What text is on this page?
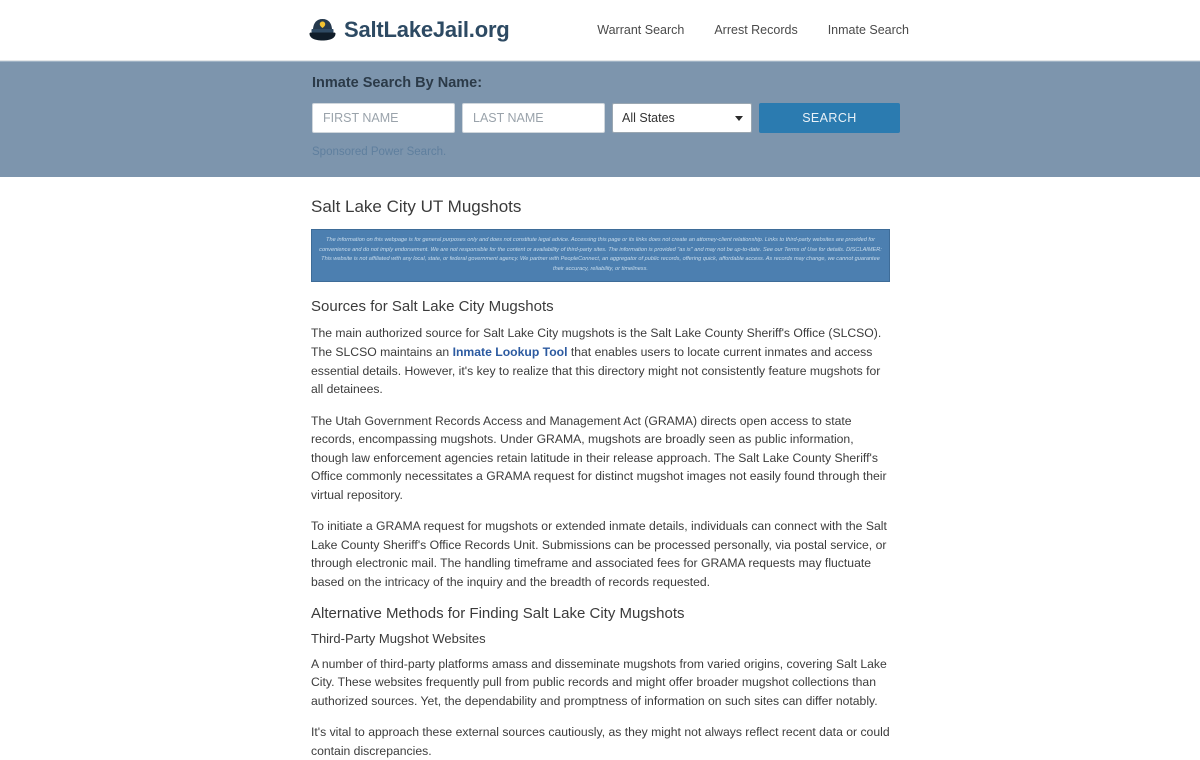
SaltLakeJail.org	Warrant Search Arrest Records Inmate Search
Inmate Search By Name:
FIRST NAME
LAST NAME
All States	SEARCH
Sponsored Power Search.
Salt Lake City UT Mugshots
The information on this webpage is for general purposes only and does not constitute legal advice. Accessing this page or its links does not create an attorney-client relationship. Links to third-party websites are provided for convenience and do not imply endorsement. We are not responsible for the content or availability of third-party sites. The information is provided "as is" and may not be up-to-date. See our Terms of Use for details. DISCLAIMER: This website is not affiliated with any local, state, or federal government agency. We partner with PeopleConnect, an aggregator of public records, offering quick, affordable access. As records may change, we cannot guarantee their accuracy, reliability, or timeliness.
Sources for Salt Lake City Mugshots

The main authorized source for Salt Lake City mugshots is the Salt Lake County Sheriff's Office (SLCSO). The SLCSO maintains an Inmate Lookup Tool that enables users to locate current inmates and access essential details. However, it's key to realize that this directory might not consistently feature mugshots for all detainees.

The Utah Government Records Access and Management Act (GRAMA) directs open access to state records, encompassing mugshots. Under GRAMA, mugshots are broadly seen as public information, though law enforcement agencies retain latitude in their release approach. The Salt Lake County Sheriff's Office commonly necessitates a GRAMA request for distinct mugshot images not easily found through their virtual repository.

To initiate a GRAMA request for mugshots or extended inmate details, individuals can connect with the Salt Lake County Sheriff's Office Records Unit. Submissions can be processed personally, via postal service, or through electronic mail. The handling timeframe and associated fees for GRAMA requests may fluctuate based on the intricacy of the inquiry and the breadth of records requested.

Alternative Methods for Finding Salt Lake City Mugshots
Third-Party Mugshot Websites

A number of third-party platforms amass and disseminate mugshots from varied origins, covering Salt Lake City. These websites frequently pull from public records and might offer broader mugshot collections than authorized sources. Yet, the dependability and promptness of information on such sites can differ notably.

It's vital to approach these external sources cautiously, as they might not always reflect recent data or could contain discrepancies.
